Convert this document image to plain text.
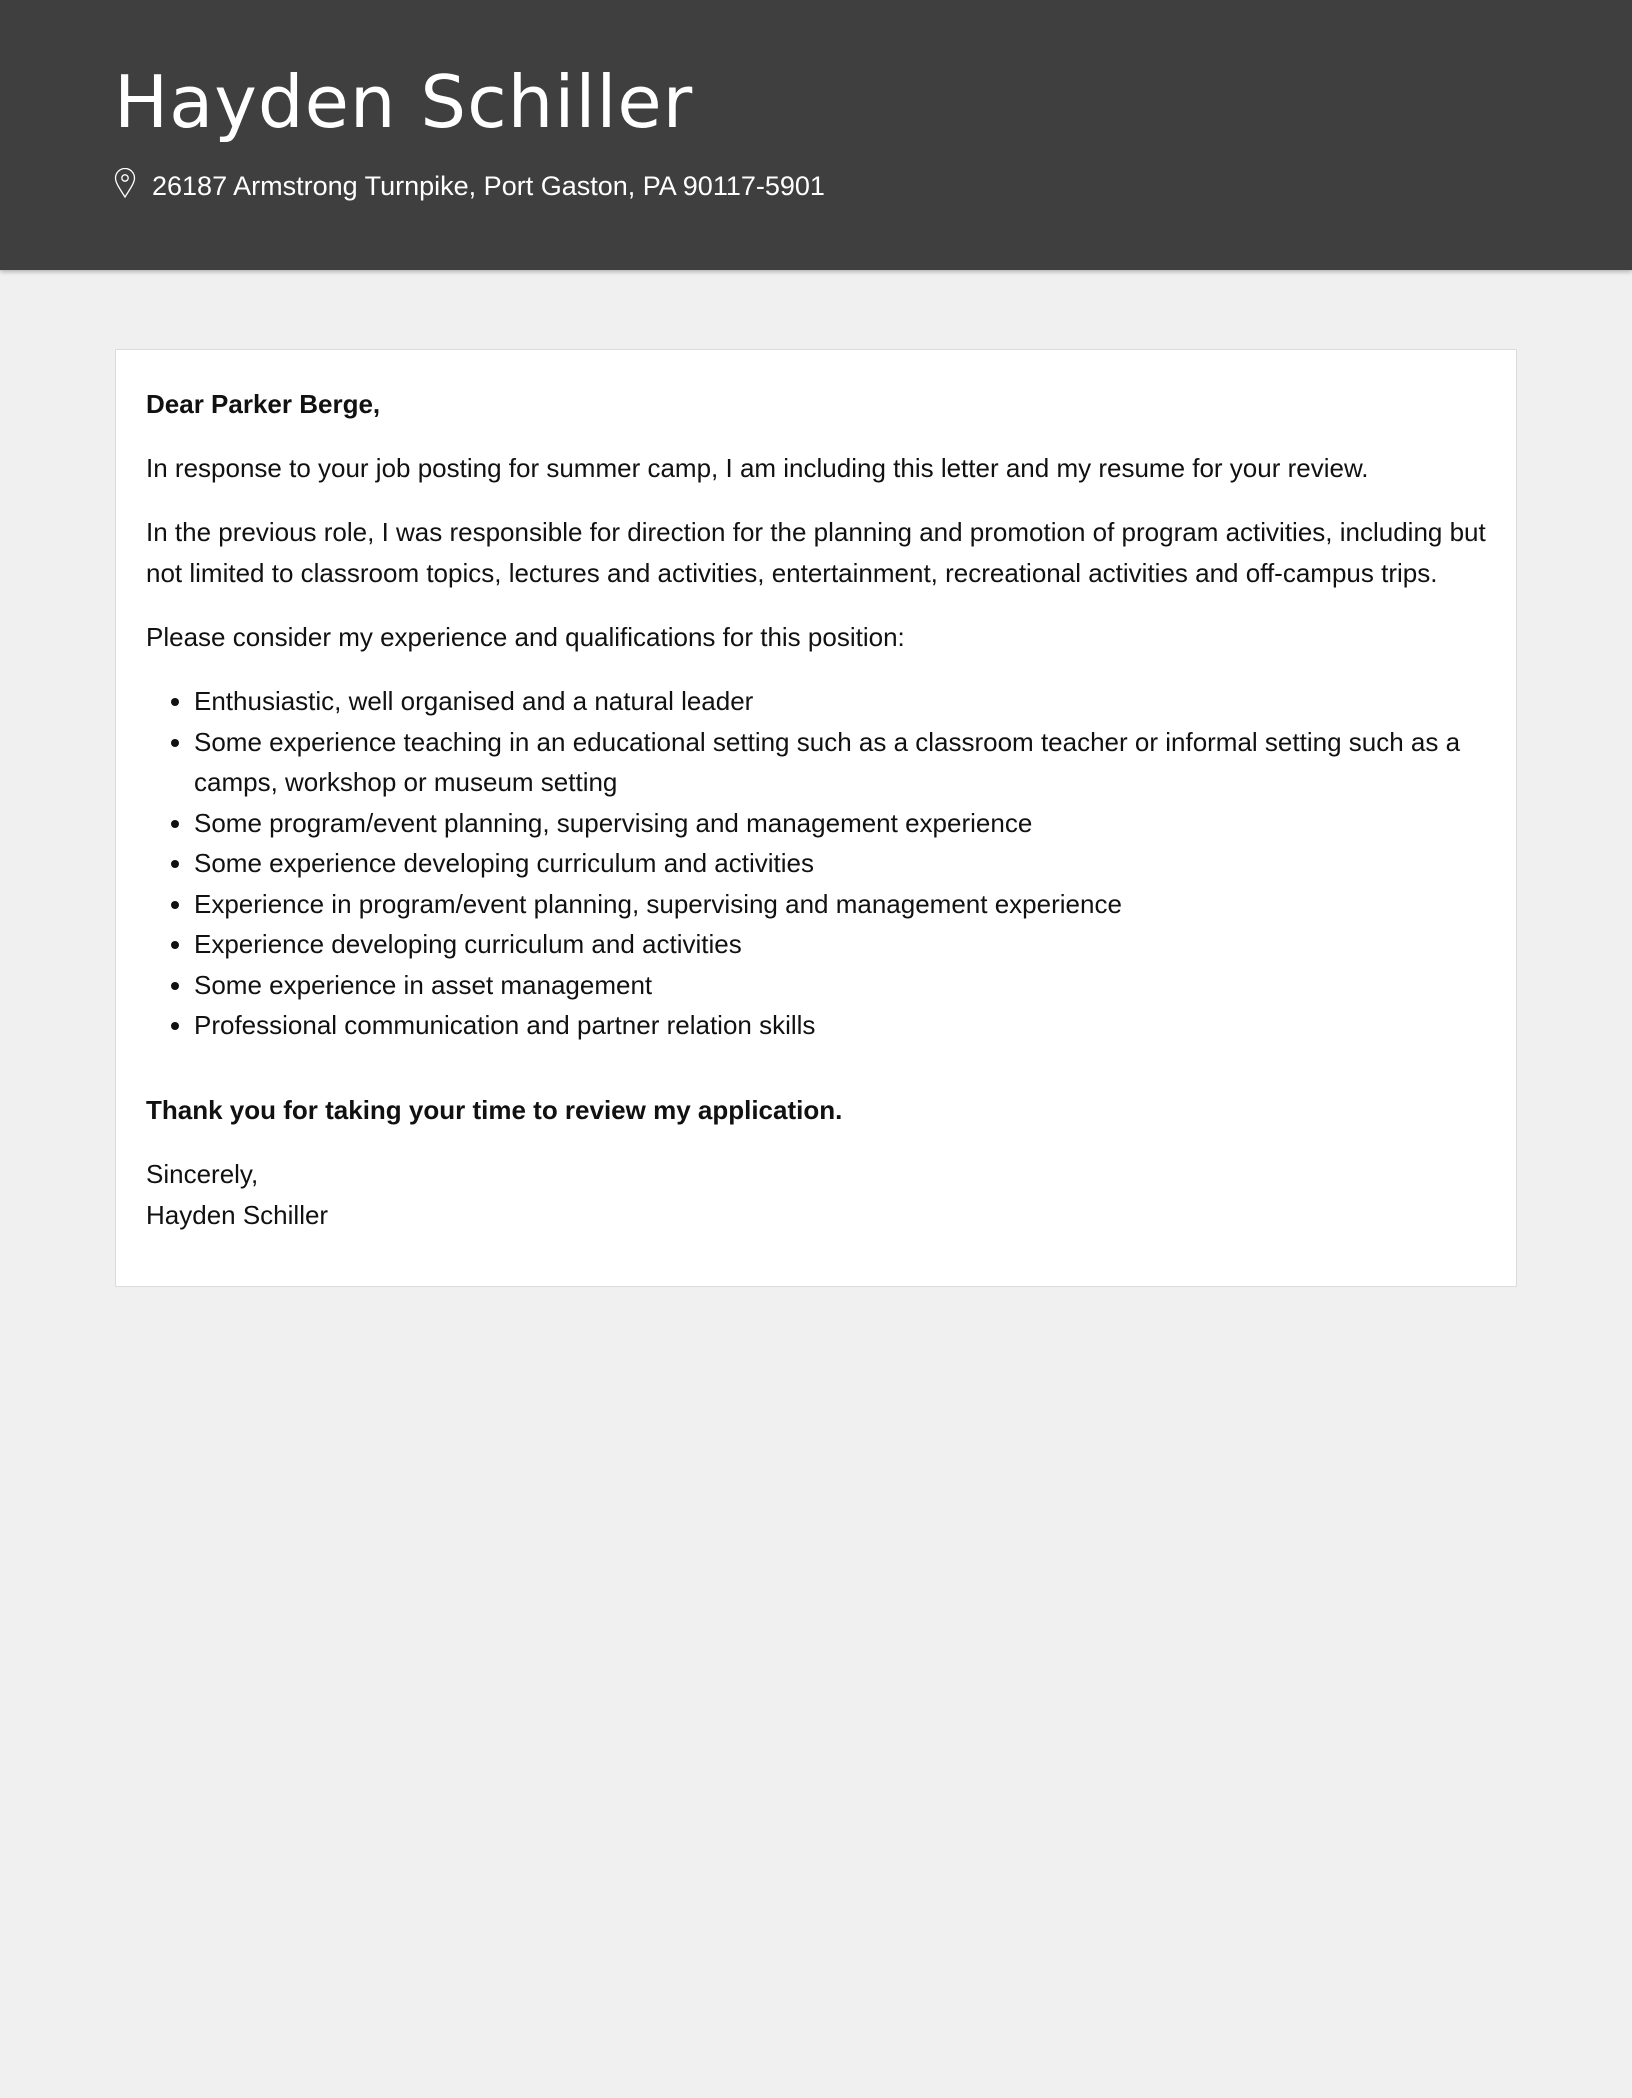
Hayden Schiller
26187 Armstrong Turnpike, Port Gaston, PA 90117-5901

Dear Parker Berge,

In response to your job posting for summer camp, I am including this letter and my resume for your review.

In the previous role, I was responsible for direction for the planning and promotion of program activities, including but not limited to classroom topics, lectures and activities, entertainment, recreational activities and off-campus trips.

Please consider my experience and qualifications for this position:

• Enthusiastic, well organised and a natural leader
• Some experience teaching in an educational setting such as a classroom teacher or informal setting such as a camps, workshop or museum setting
• Some program/event planning, supervising and management experience
• Some experience developing curriculum and activities
• Experience in program/event planning, supervising and management experience
• Experience developing curriculum and activities
• Some experience in asset management
• Professional communication and partner relation skills

Thank you for taking your time to review my application.

Sincerely,

Hayden Schiller
